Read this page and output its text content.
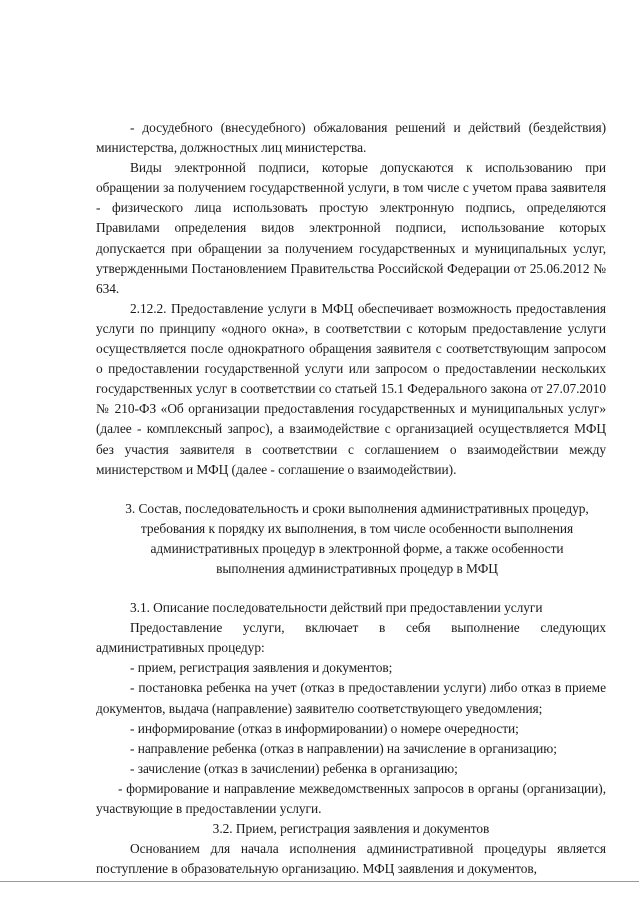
- досудебного (внесудебного) обжалования решений и действий (бездействия) министерства, должностных лиц министерства.

Виды электронной подписи, которые допускаются к использованию при обращении за получением государственной услуги, в том числе с учетом права заявителя - физического лица использовать простую электронную подпись, определяются Правилами определения видов электронной подписи, использование которых допускается при обращении за получением государственных и муниципальных услуг, утвержденными Постановлением Правительства Российской Федерации от 25.06.2012 № 634.

2.12.2. Предоставление услуги в МФЦ обеспечивает возможность предоставления услуги по принципу «одного окна», в соответствии с которым предоставление услуги осуществляется после однократного обращения заявителя с соответствующим запросом о предоставлении государственной услуги или запросом о предоставлении нескольких государственных услуг в соответствии со статьей 15.1 Федерального закона от 27.07.2010 № 210-ФЗ «Об организации предоставления государственных и муниципальных услуг» (далее - комплексный запрос), а взаимодействие с организацией осуществляется МФЦ без участия заявителя в соответствии с соглашением о взаимодействии между министерством и МФЦ (далее - соглашение о взаимодействии).

3. Состав, последовательность и сроки выполнения административных процедур, требования к порядку их выполнения, в том числе особенности выполнения административных процедур в электронной форме, а также особенности выполнения административных процедур в МФЦ

3.1. Описание последовательности действий при предоставлении услуги

Предоставление услуги, включает в себя выполнение следующих административных процедур:

- прием, регистрация заявления и документов;

- постановка ребенка на учет (отказ в предоставлении услуги) либо отказ в приеме документов, выдача (направление) заявителю соответствующего уведомления;

- информирование (отказ в информировании) о номере очередности;

- направление ребенка (отказ в направлении) на зачисление в организацию;

- зачисление (отказ в зачислении) ребенка в организацию;

- формирование и направление межведомственных запросов в органы (организации), участвующие в предоставлении услуги.

3.2. Прием, регистрация заявления и документов

Основанием для начала исполнения административной процедуры является поступление в образовательную организацию. МФЦ заявления и документов,
